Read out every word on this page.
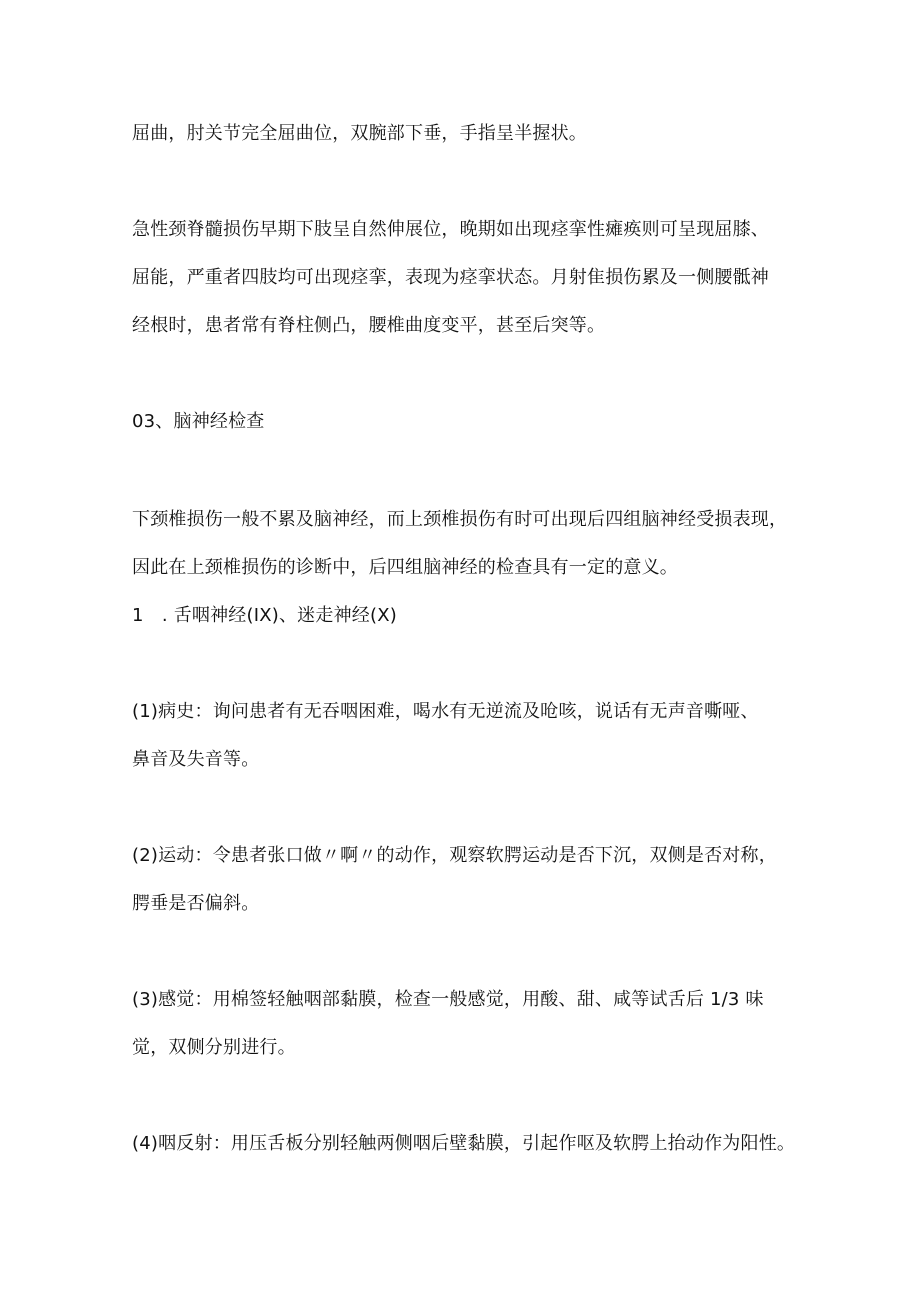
屈曲，肘关节完全屈曲位，双腕部下垂，手指呈半握状。
急性颈脊髓损伤早期下肢呈自然伸展位，晚期如出现痉挛性瘫痪则可呈现屈膝、
屈能，严重者四肢均可出现痉挛，表现为痉挛状态。月射隹损伤累及一侧腰骶神
经根时，患者常有脊柱侧凸，腰椎曲度变平，甚至后突等。
03、脑神经检查
下颈椎损伤一般不累及脑神经，而上颈椎损伤有时可出现后四组脑神经受损表现，
因此在上颈椎损伤的诊断中，后四组脑神经的检查具有一定的意义。
1　. 舌咽神经(IX)、迷走神经(X)
(1)病史：询问患者有无吞咽困难，喝水有无逆流及呛咳，说话有无声音嘶哑、
鼻音及失音等。
(2)运动：令患者张口做〃啊〃的动作，观察软腭运动是否下沉，双侧是否对称，
腭垂是否偏斜。
(3)感觉：用棉签轻触咽部黏膜，检查一般感觉，用酸、甜、咸等试舌后 1/3 味
觉，双侧分别进行。
(4)咽反射：用压舌板分别轻触两侧咽后壁黏膜，引起作呕及软腭上抬动作为阳性。
